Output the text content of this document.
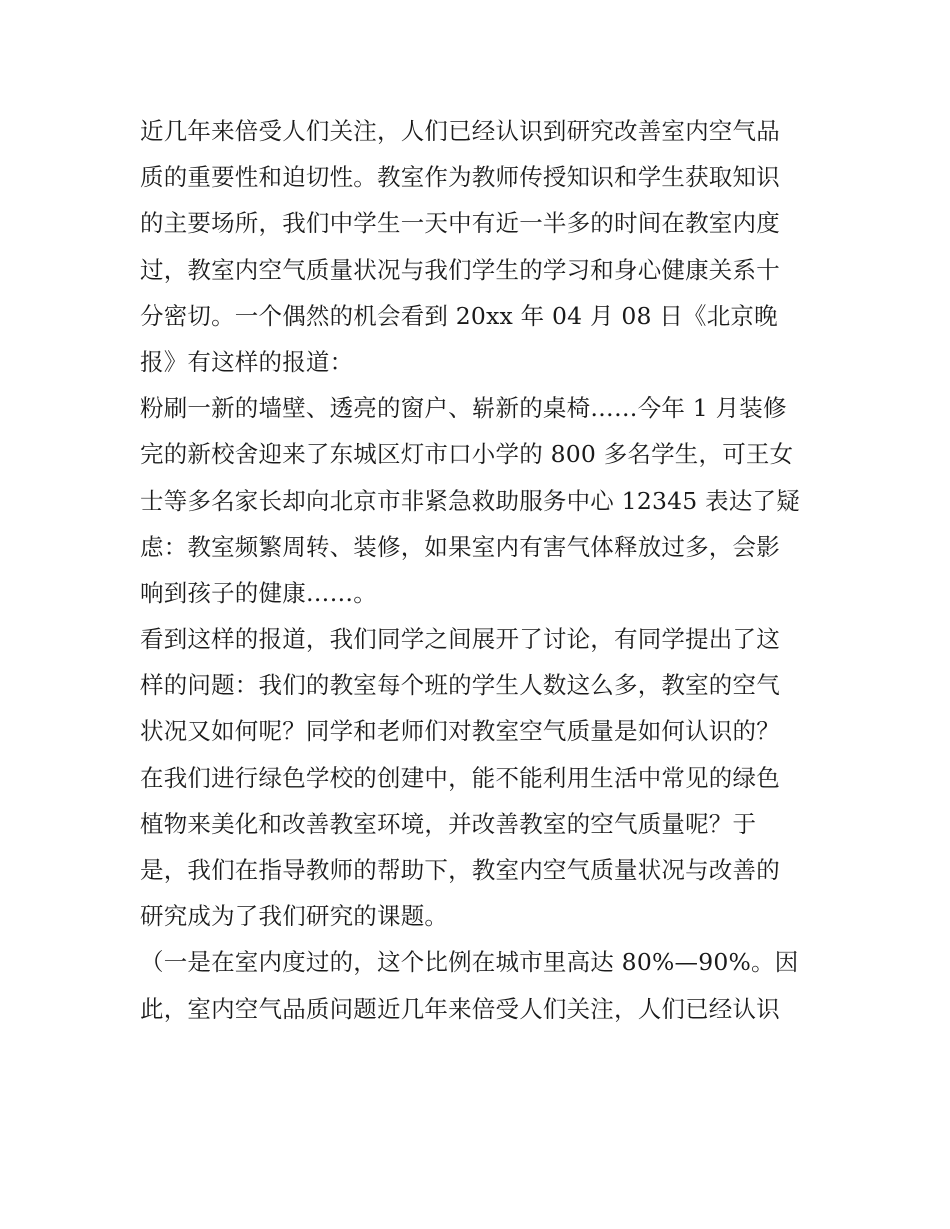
近几年来倍受人们关注，人们已经认识到研究改善室内空气品
质的重要性和迫切性。教室作为教师传授知识和学生获取知识
的主要场所，我们中学生一天中有近一半多的时间在教室内度
过，教室内空气质量状况与我们学生的学习和身心健康关系十
分密切。一个偶然的机会看到 20xx 年 04 月 08 日《北京晚
报》有这样的报道：
粉刷一新的墙壁、透亮的窗户、崭新的桌椅……今年 1 月装修
完的新校舍迎来了东城区灯市口小学的 800 多名学生，可王女
士等多名家长却向北京市非紧急救助服务中心 12345 表达了疑
虑：教室频繁周转、装修，如果室内有害气体释放过多，会影
响到孩子的健康……。
看到这样的报道，我们同学之间展开了讨论，有同学提出了这
样的问题：我们的教室每个班的学生人数这么多，教室的空气
状况又如何呢？同学和老师们对教室空气质量是如何认识的？
在我们进行绿色学校的创建中，能不能利用生活中常见的绿色
植物来美化和改善教室环境，并改善教室的空气质量呢？于
是，我们在指导教师的帮助下，教室内空气质量状况与改善的
研究成为了我们研究的课题。
（一是在室内度过的，这个比例在城市里高达 80%—90%。因
此，室内空气品质问题近几年来倍受人们关注，人们已经认识
